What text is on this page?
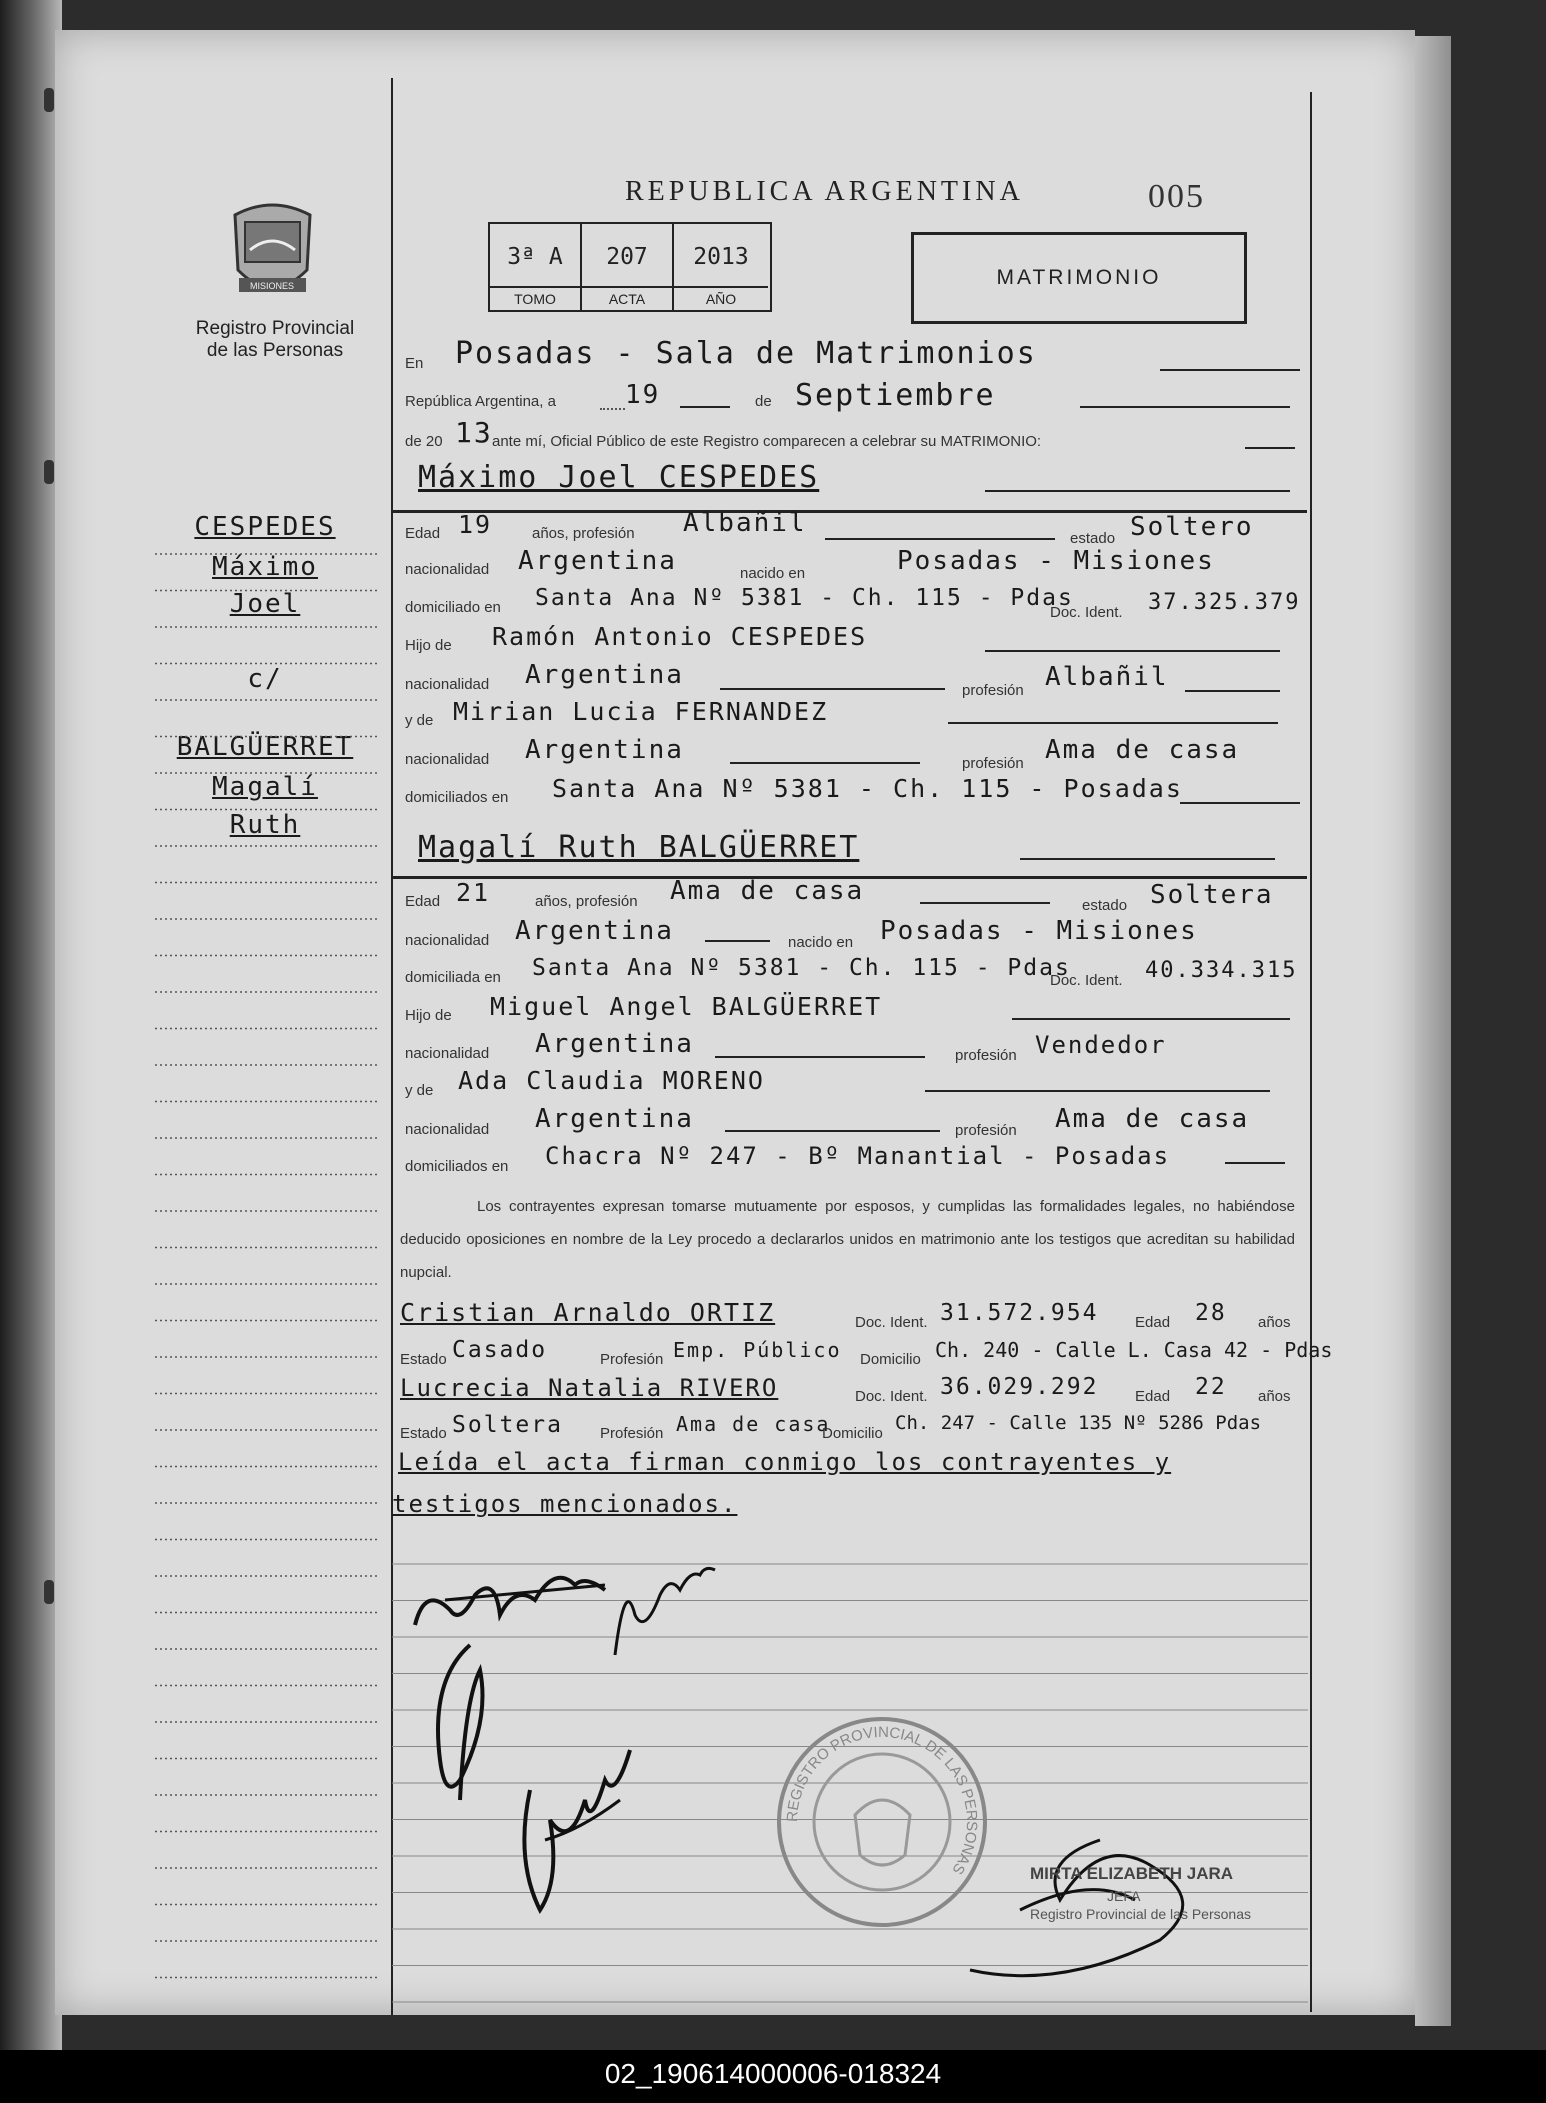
MISIONES
Registro Provincial
de las Personas
REPUBLICA ARGENTINA	005
3ª A	207	2013
TOMO	ACTA	AÑO
MATRIMONIO
En Posadas - Sala de Matrimonios
República Argentina, a	19	de Septiembre
de 20 13 ante mí, Oficial Público de este Registro comparecen a celebrar su MATRIMONIO:
Máximo Joel CESPEDES
Edad 19	años, profesión Albañil
estado Soltero
nacionalidad Argentina	nacido en	Posadas - Misiones
domiciliado en Santa Ana Nº 5381 - Ch. 115 - Pdas
Doc. Ident. 37.325.379
Hijo de Ramón Antonio CESPEDES
nacionalidad Argentina
profesión Albañil
y de Mirian Lucia FERNANDEZ
nacionalidad Argentina	profesión Ama de casa
domiciliados en Santa Ana Nº 5381 - Ch. 115 - Posadas
Magalí Ruth BALGÜERRET
Edad 21	años, profesión Ama de casa	estado Soltera
nacionalidad Argentina	nacido en Posadas - Misiones
domiciliada en Santa Ana Nº 5381 - Ch. 115 - Pdas
Doc. Ident. 40.334.315
Hijo de Miguel Angel BALGÜERRET
nacionalidad Argentina	profesión Vendedor
y de Ada Claudia MORENO
nacionalidad Argentina	profesión Ama de casa
domiciliados en Chacra Nº 247 - Bº Manantial - Posadas
Los contrayentes expresan tomarse mutuamente por esposos, y cumplidas las formalidades legales, no habiéndose deducido oposiciones en nombre de la Ley procedo a declararlos unidos en matrimonio ante los testigos que acreditan su habilidad nupcial.
Cristian Arnaldo ORTIZ	Doc. Ident. 31.572.954 Edad 28 años
Estado Casado	Profesión Emp. Público Domicilio Ch. 240 - Calle L. Casa 42 - Pdas
Lucrecia Natalia RIVERO	Doc. Ident. 36.029.292 Edad 22 años
Estado Soltera Profesión Ama de casa
Domicilio Ch. 247 - Calle 135 Nº 5286 Pdas
Leída el acta firman conmigo los contrayentes y
testigos mencionados.
REGISTRO PROVINCIAL DE LAS PERSONAS	MIRTA ELIZABETH JARA
JEFA
Registro Provincial de las Personas
02_190614000006-018324
